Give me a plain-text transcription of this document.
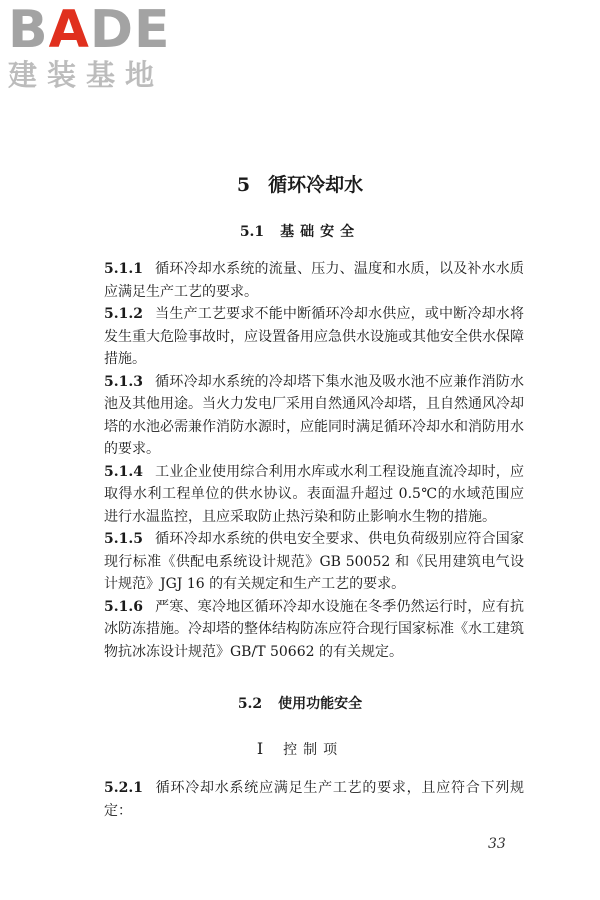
BADE
建装基地
5 循环冷却水
5.1 基础安全
5.1.1 循环冷却水系统的流量、压力、温度和水质，以及补水水质应满足生产工艺的要求。
5.1.2 当生产工艺要求不能中断循环冷却水供应，或中断冷却水将发生重大危险事故时，应设置备用应急供水设施或其他安全供水保障措施。
5.1.3 循环冷却水系统的冷却塔下集水池及吸水池不应兼作消防水池及其他用途。当火力发电厂采用自然通风冷却塔，且自然通风冷却塔的水池必需兼作消防水源时，应能同时满足循环冷却水和消防用水的要求。
5.1.4 工业企业使用综合利用水库或水利工程设施直流冷却时，应取得水利工程单位的供水协议。表面温升超过 0.5℃的水域范围应进行水温监控，且应采取防止热污染和防止影响水生物的措施。
5.1.5 循环冷却水系统的供电安全要求、供电负荷级别应符合国家现行标准《供配电系统设计规范》GB 50052 和《民用建筑电气设计规范》JGJ 16 的有关规定和生产工艺的要求。
5.1.6 严寒、寒冷地区循环冷却水设施在冬季仍然运行时，应有抗冰防冻措施。冷却塔的整体结构防冻应符合现行国家标准《水工建筑物抗冰冻设计规范》GB/T 50662 的有关规定。
5.2 使用功能安全
Ⅰ 控制项
5.2.1 循环冷却水系统应满足生产工艺的要求，且应符合下列规定：
33
